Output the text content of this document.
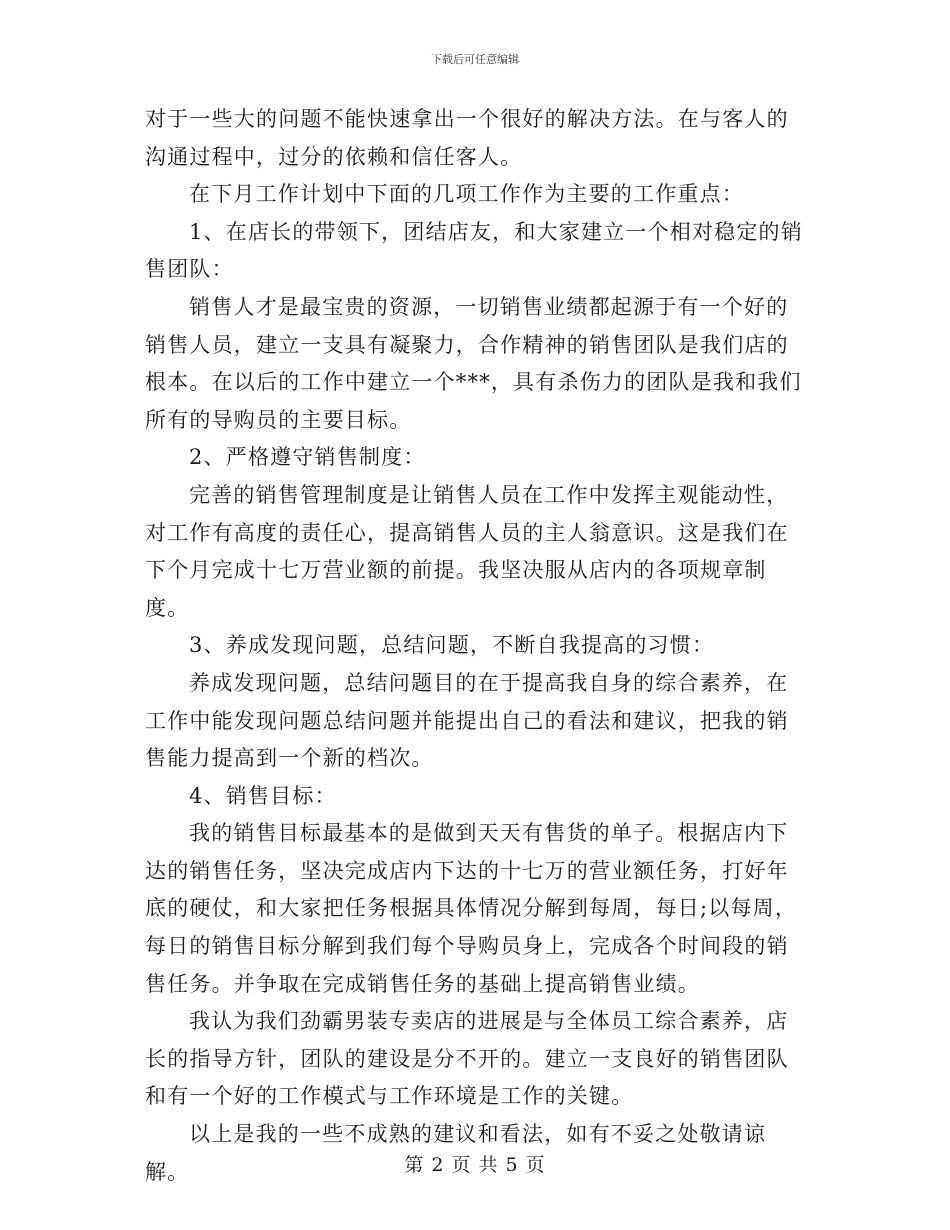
下载后可任意编辑

对于一些大的问题不能快速拿出一个很好的解决方法。在与客人的沟通过程中，过分的依赖和信任客人。

在下月工作计划中下面的几项工作作为主要的工作重点：

1、在店长的带领下，团结店友，和大家建立一个相对稳定的销售团队：

销售人才是最宝贵的资源，一切销售业绩都起源于有一个好的销售人员，建立一支具有凝聚力，合作精神的销售团队是我们店的根本。在以后的工作中建立一个***，具有杀伤力的团队是我和我们所有的导购员的主要目标。

2、严格遵守销售制度：

完善的销售管理制度是让销售人员在工作中发挥主观能动性，对工作有高度的责任心，提高销售人员的主人翁意识。这是我们在下个月完成十七万营业额的前提。我坚决服从店内的各项规章制度。

3、养成发现问题，总结问题，不断自我提高的习惯：

养成发现问题，总结问题目的在于提高我自身的综合素养，在工作中能发现问题总结问题并能提出自己的看法和建议，把我的销售能力提高到一个新的档次。

4、销售目标：

我的销售目标最基本的是做到天天有售货的单子。根据店内下达的销售任务，坚决完成店内下达的十七万的营业额任务，打好年底的硬仗，和大家把任务根据具体情况分解到每周，每日;以每周，每日的销售目标分解到我们每个导购员身上，完成各个时间段的销售任务。并争取在完成销售任务的基础上提高销售业绩。

我认为我们劲霸男装专卖店的进展是与全体员工综合素养，店长的指导方针，团队的建设是分不开的。建立一支良好的销售团队和有一个好的工作模式与工作环境是工作的关键。

以上是我的一些不成熟的建议和看法，如有不妥之处敬请谅解。	第 2 页 共 5 页
